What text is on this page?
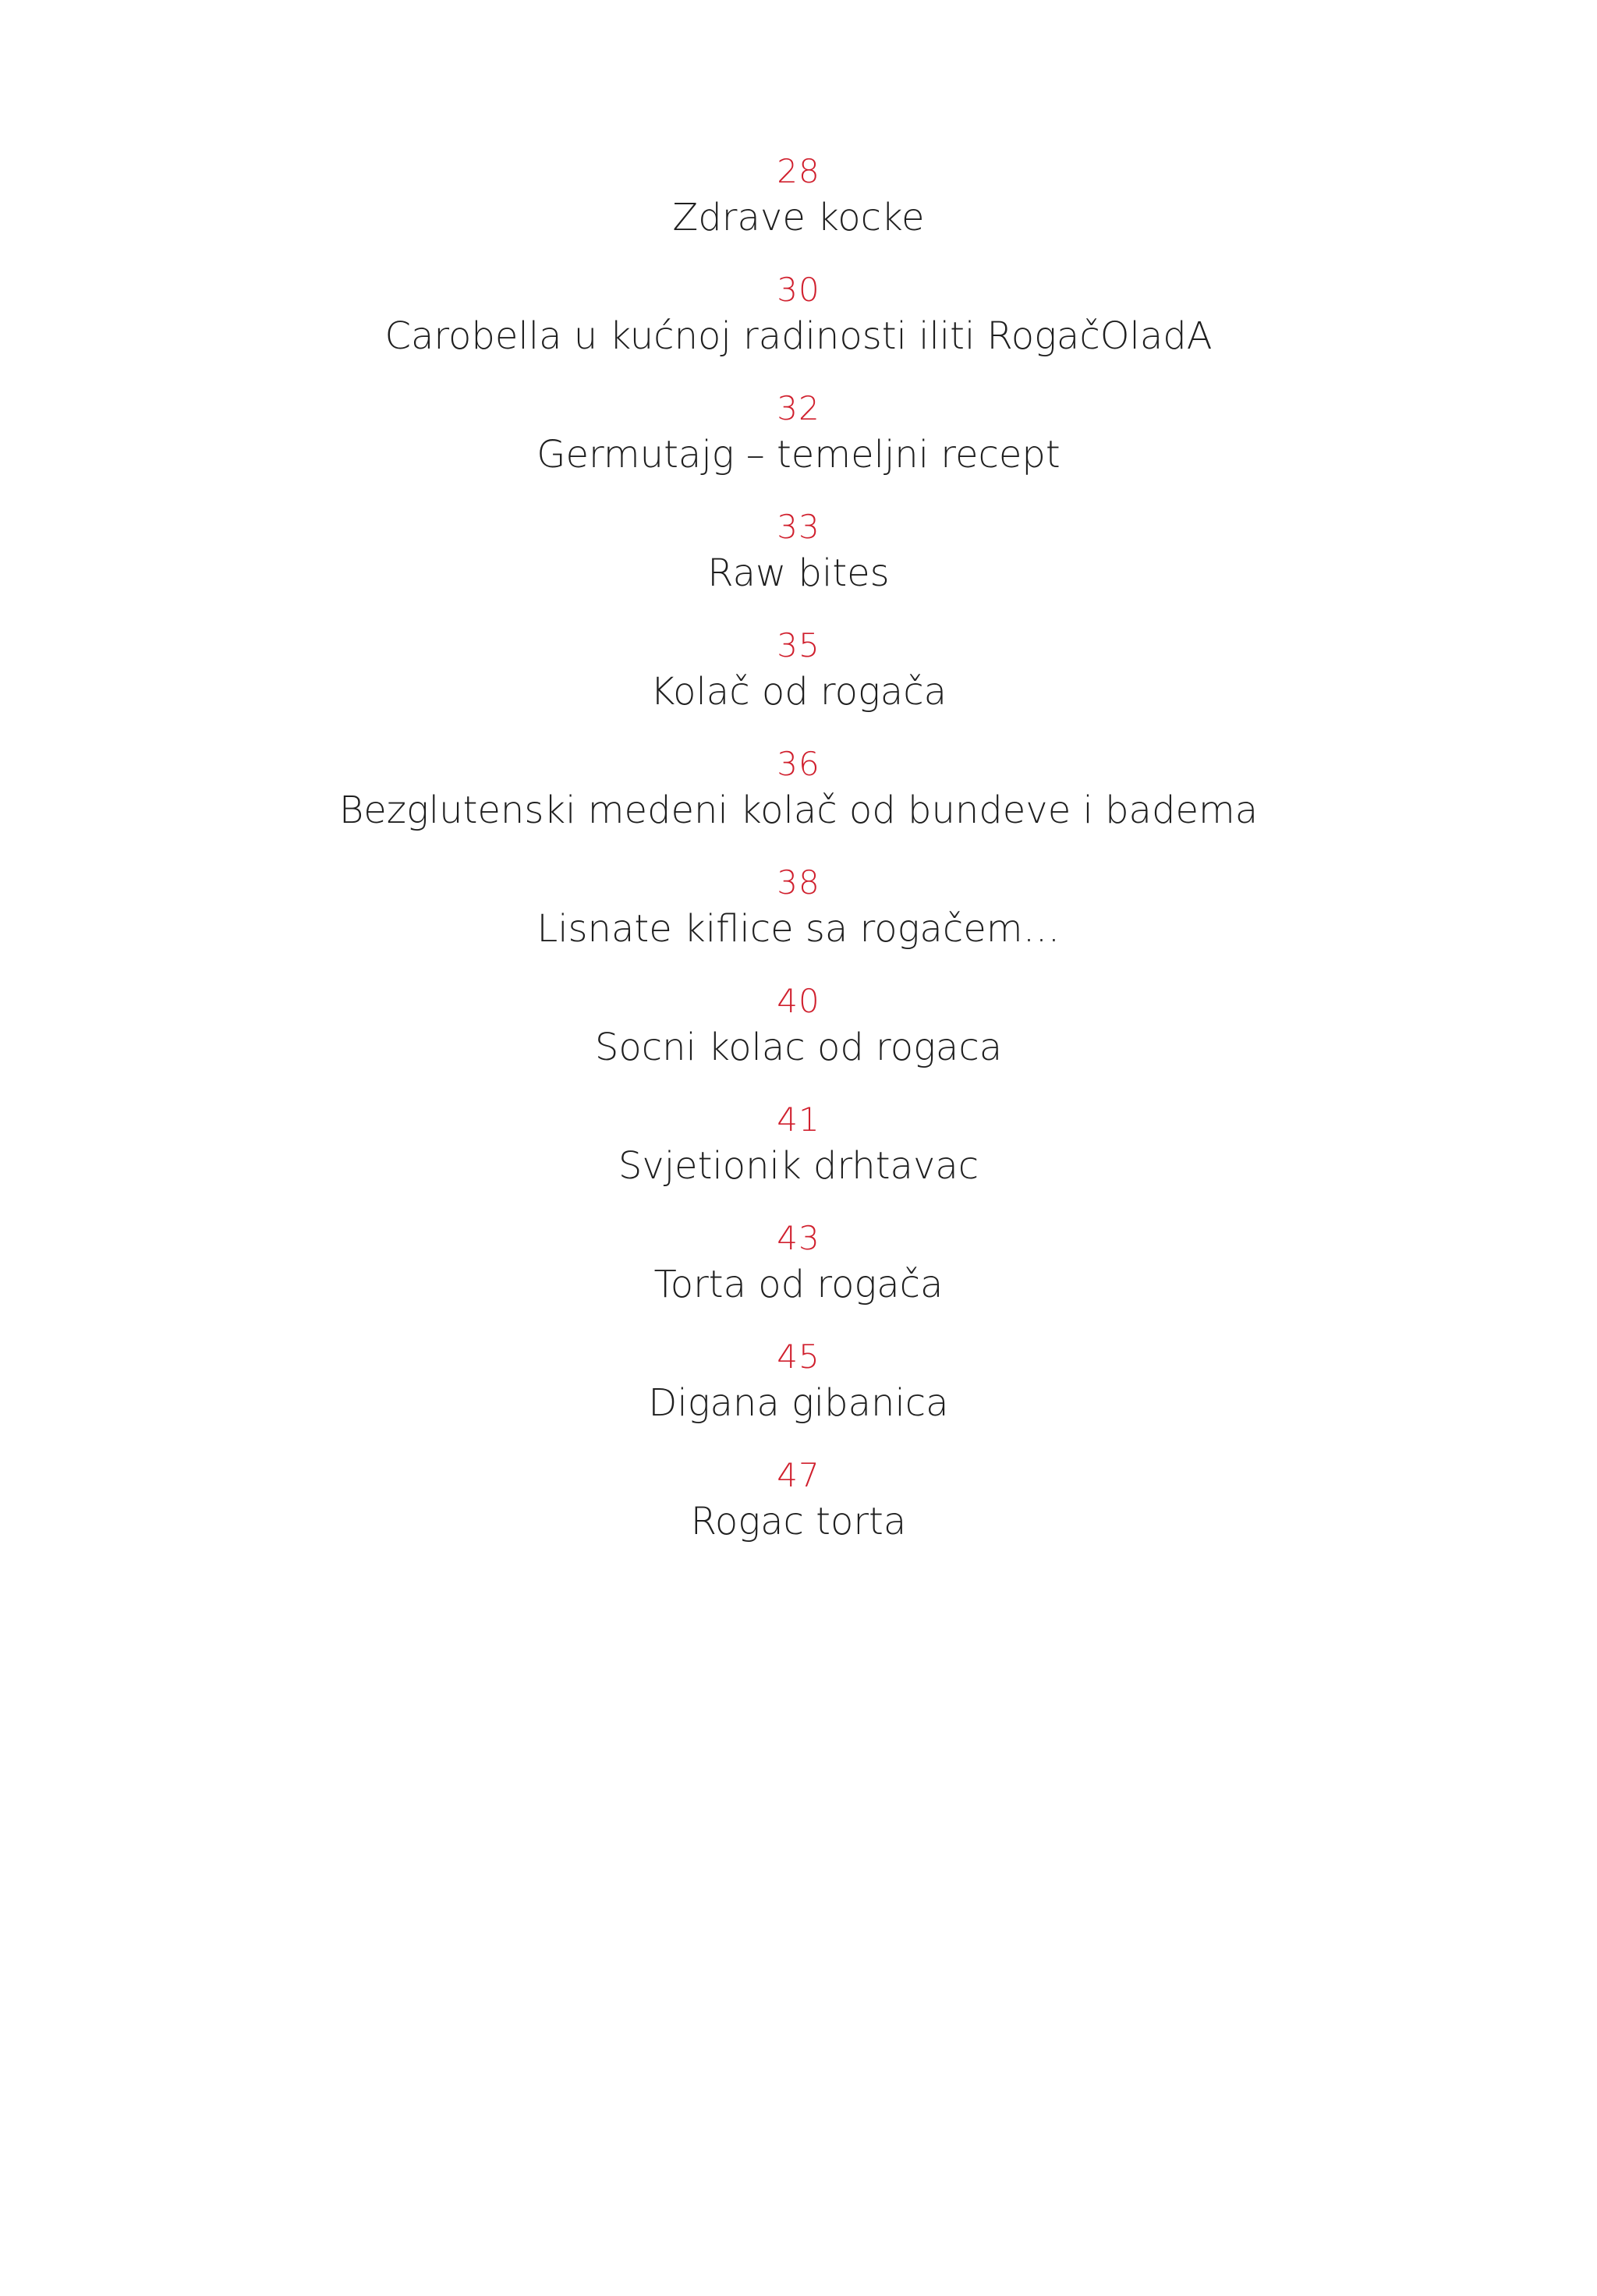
28
Zdrave kocke
30
Carobella u kućnoj radinosti iliti RogačOladA
32
Germutajg – temeljni recept
33
Raw bites
35
Kolač od rogača
36
Bezglutenski medeni kolač od bundeve i badema
38
Lisnate kiflice sa rogačem…
40
Socni kolac od rogaca
41
Svjetionik drhtavac
43
Torta od rogača
45
Digana gibanica
47
Rogac torta
